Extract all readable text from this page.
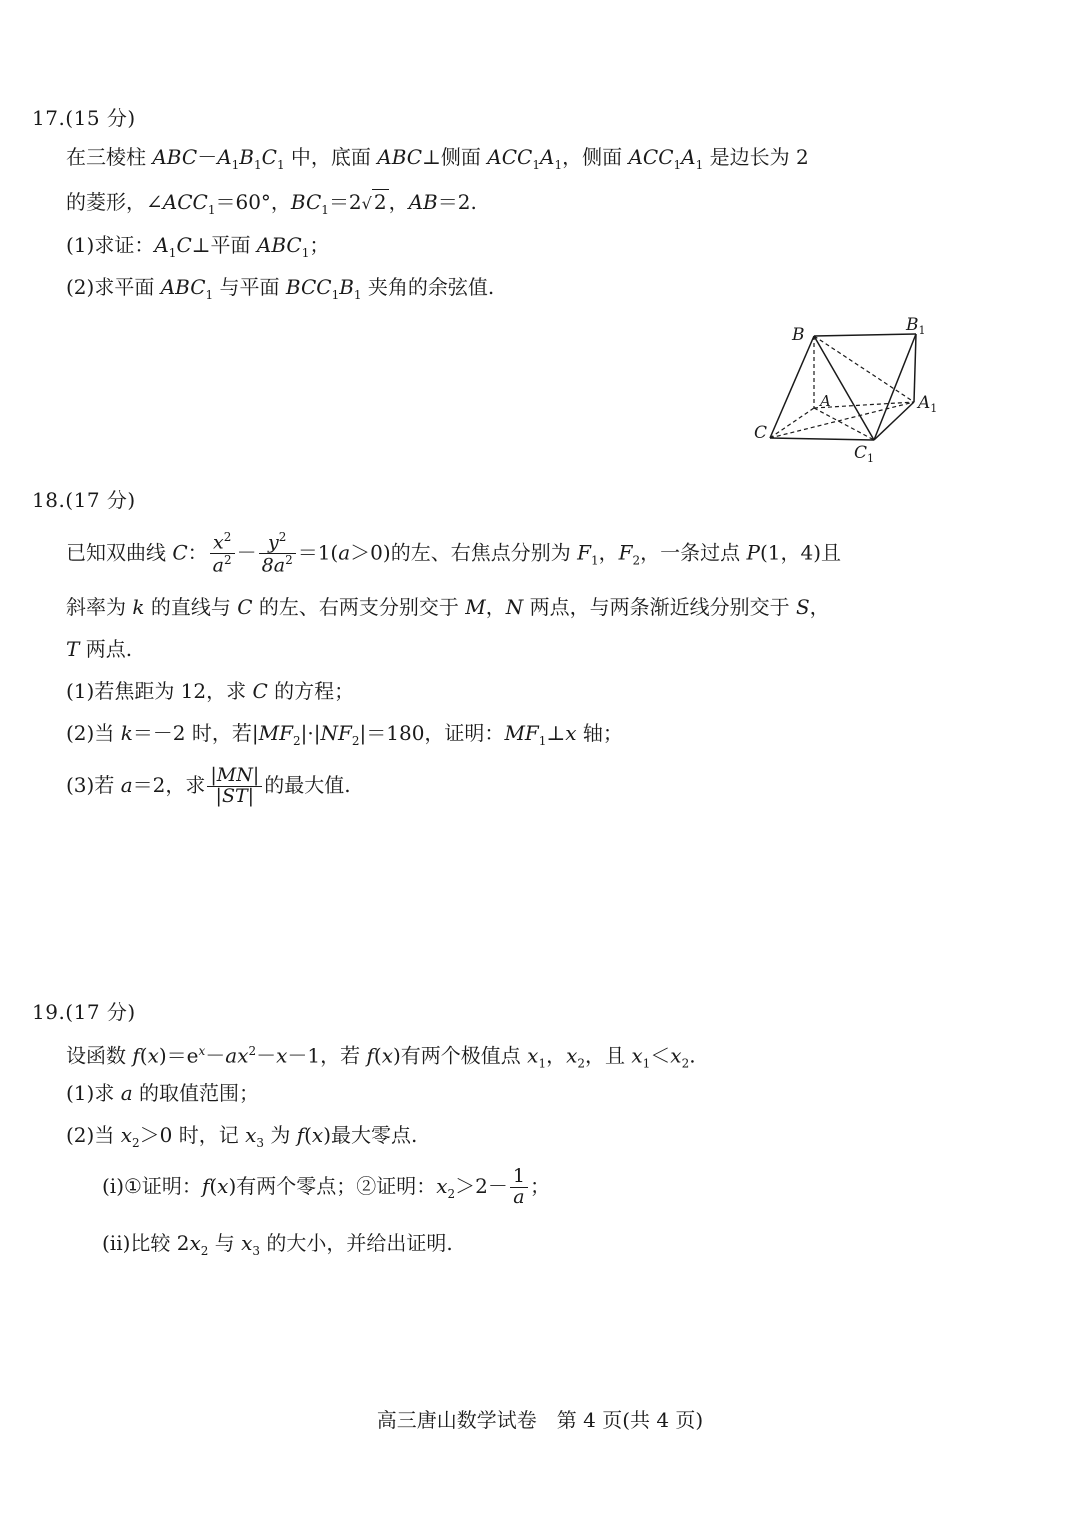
17.(15 分)
在三棱柱 $ABC-A_1B_1C_1$ 中，底面 ABC⊥侧面 $ACC_1A_1$，侧面 $ACC_1A_1$ 是边长为 2
的菱形，$\angle ACC_1=60^\circ$，$BC_1=2√$ 2 ，AB＝2.
(1)求证：$A_1C\perp$平面 $ABC_1$；
(2)求平面 $ABC_1$ 与平面 $BCC_1B_1$ 夹角的余弦值.
B	$B_1$
A	$A_1$
C
$C_1$
18.(17 分)
已知双曲线 C： $\frac{x^2}{a^2} - \frac{y^2}{8a^2} =1(a>0)$的左、右焦点分别为 $F_1$，$F_2$，一条过点 P(1，4)且
斜率为 k 的直线与 C 的左、右两支分别交于 M，N 两点，与两条渐近线分别交于 S，
T 两点.
(1)若焦距为 12，求 C 的方程；
(2)当 k＝－2 时，若$|MF_2|\cdot|NF_2|=180$，证明：$MF_1\perp x$ 轴；
(3)若 a＝2，求 $\frac{|MN|}{|ST|}$ 的最大值.
19.(17 分)
设函数 $f(x)=e^x-ax^2-x-1$，若 f(x)有两个极值点 $x_1$，$x_2$，且 $x_1<x_2$.
(1)求 a 的取值范围；
(2)当 $x_2>0$ 时，记 $x_3$ 为 f(x)最大零点.
(i)①证明：f(x)有两个零点；②证明：$x_2>2- \frac{1}{a}$ ；
(ii)比较 $2x_2$ 与 $x_3$ 的大小，并给出证明.
高三唐山数学试卷　第 4 页(共 4 页)
